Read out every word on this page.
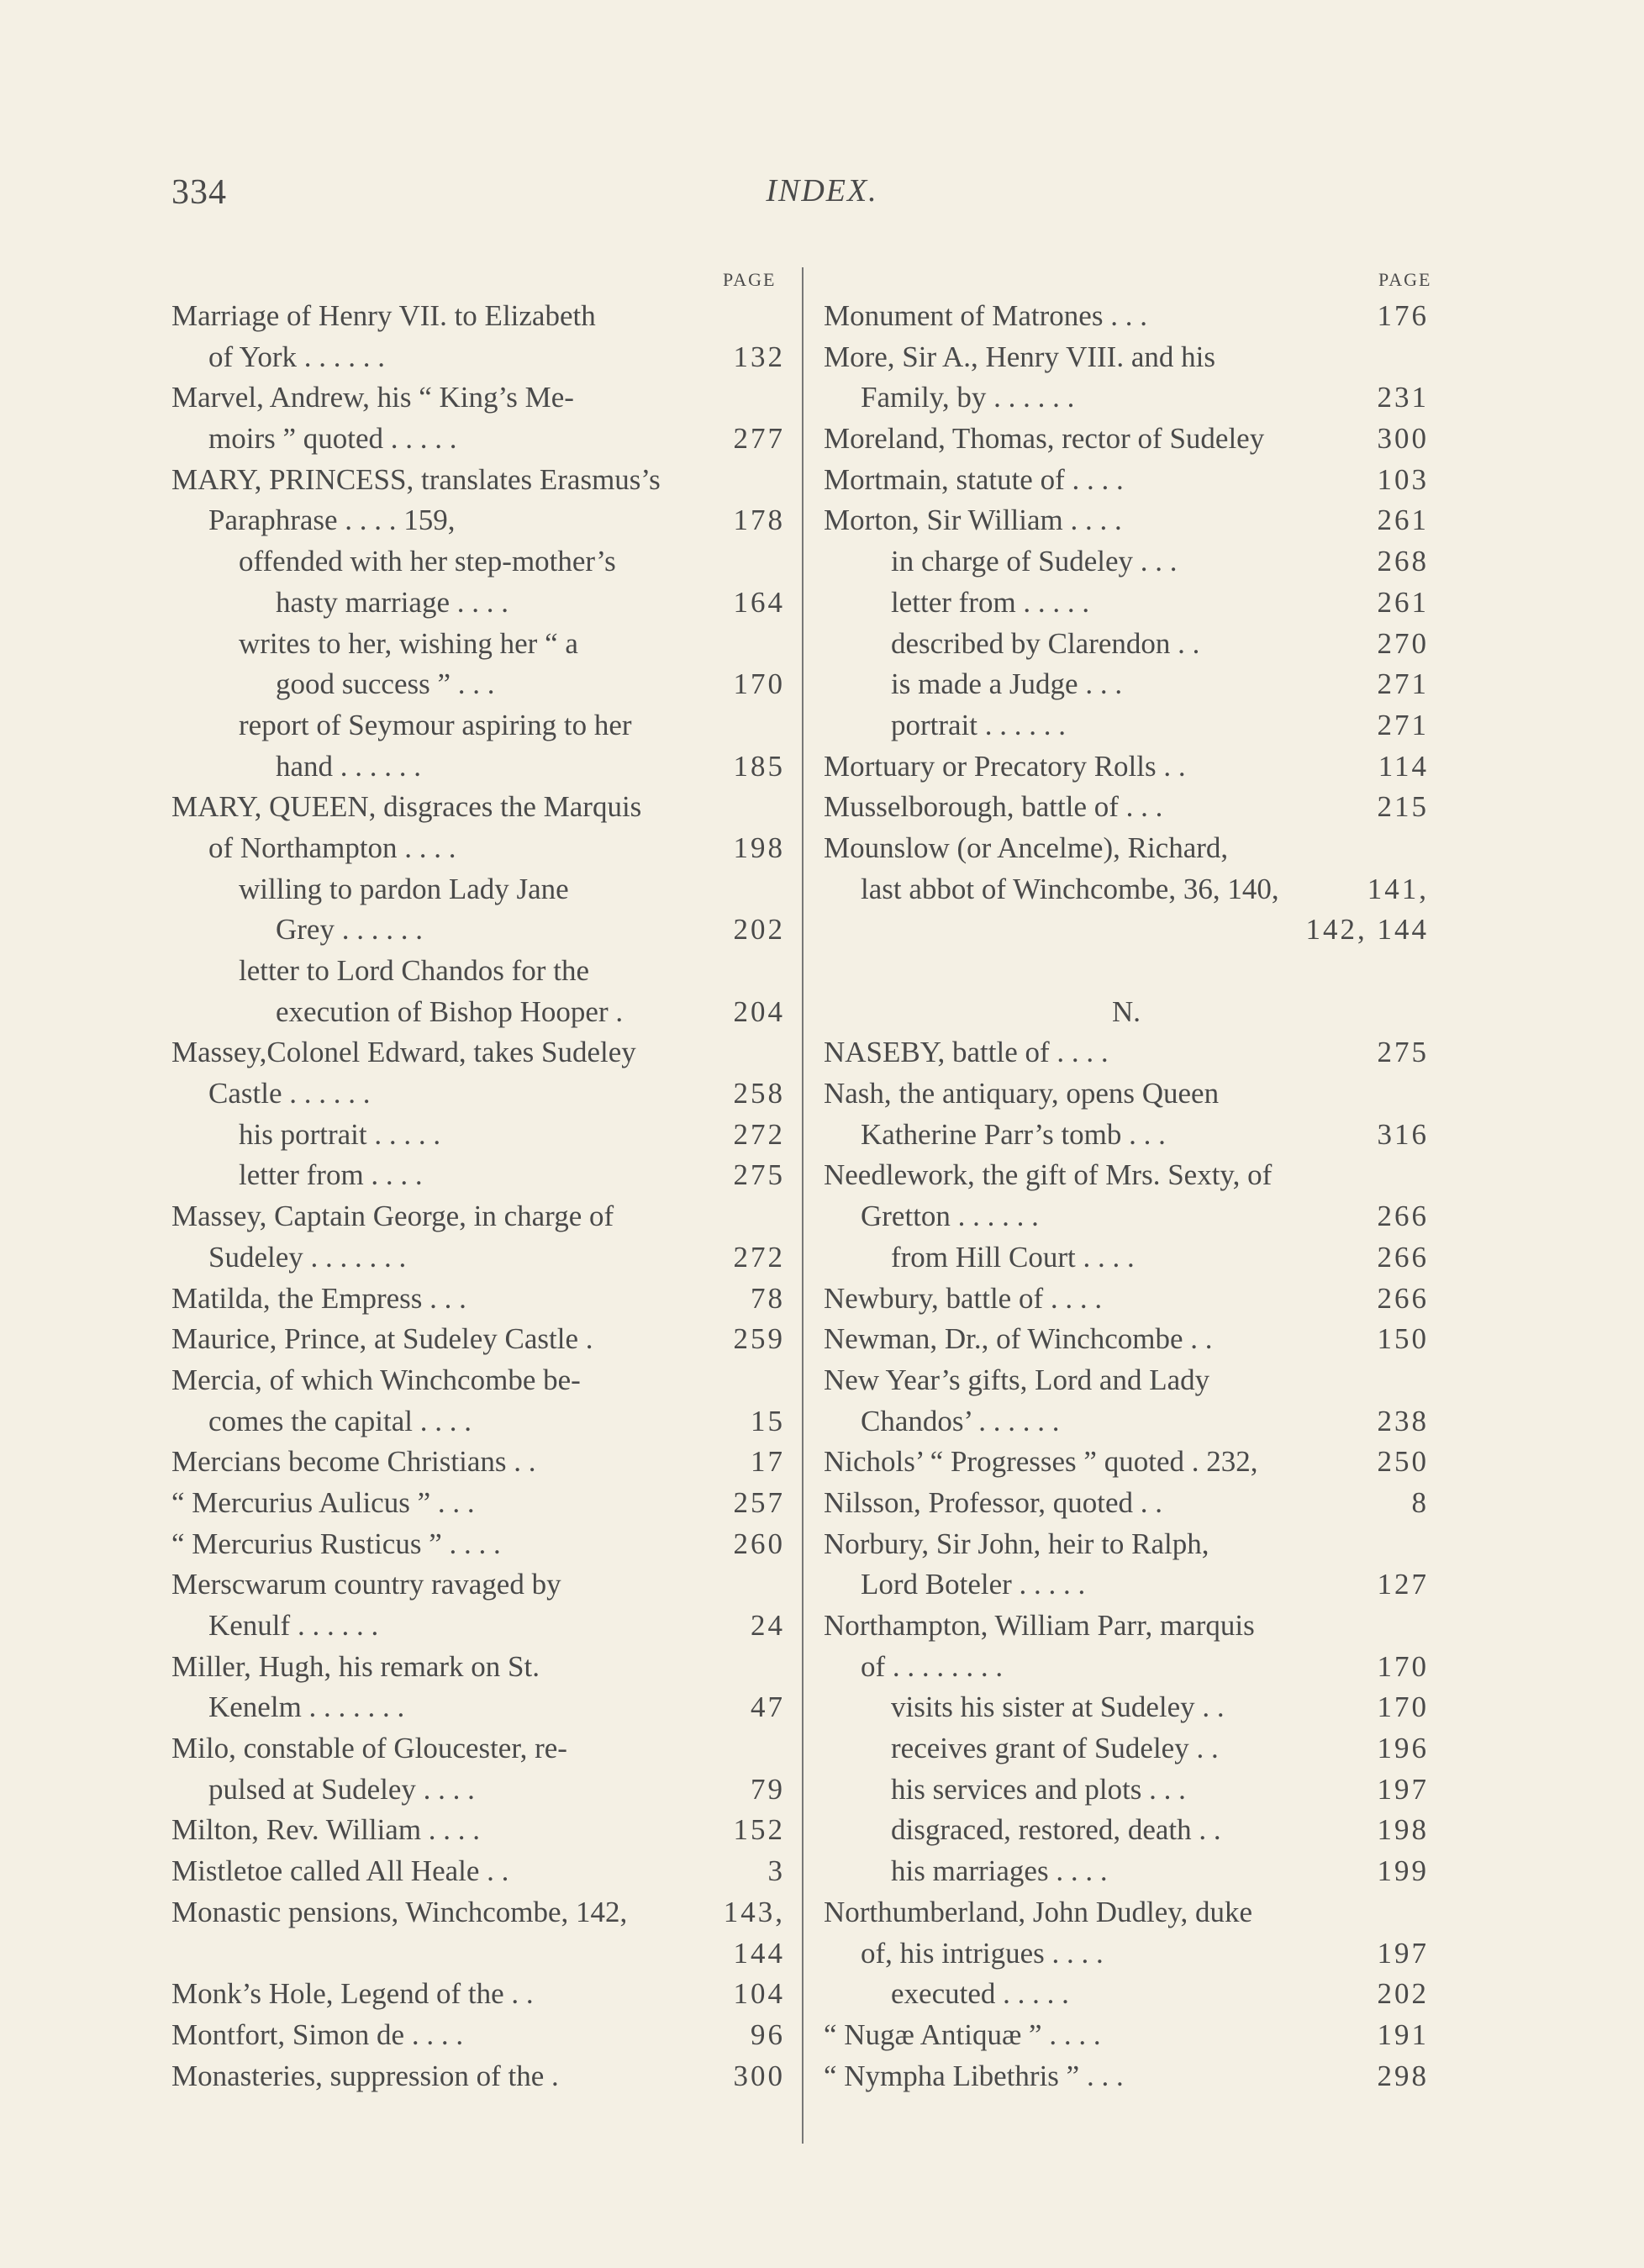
334	INDEX.
PAGE	PAGE
Marriage of Henry VII. to Elizabeth
of York . . . . . .	132
Marvel, Andrew, his “ King’s Me-
moirs ” quoted . . . . .	277
MARY, PRINCESS, translates Erasmus’s
Paraphrase . . . . 159,	178
offended with her step-mother’s
hasty marriage . . . .	164
writes to her, wishing her “ a
good success ” . . .	170
report of Seymour aspiring to her
hand . . . . . .	185
MARY, QUEEN, disgraces the Marquis
of Northampton . . . .	198
willing to pardon Lady Jane
Grey . . . . . .	202
letter to Lord Chandos for the
execution of Bishop Hooper .	204
Massey,Colonel Edward, takes Sudeley
Castle . . . . . .	258
his portrait . . . . .	272
letter from . . . .	275
Massey, Captain George, in charge of
Sudeley . . . . . . .	272
Matilda, the Empress . . .	78
Maurice, Prince, at Sudeley Castle .	259
Mercia, of which Winchcombe be-
comes the capital . . . .	15
Mercians become Christians . .	17
“ Mercurius Aulicus ” . . .	257
“ Mercurius Rusticus ” . . . .	260
Merscwarum country ravaged by
Kenulf . . . . . .	24
Miller, Hugh, his remark on St.
Kenelm . . . . . . .	47
Milo, constable of Gloucester, re-
pulsed at Sudeley . . . .	79
Milton, Rev. William . . . .	152
Mistletoe called All Heale . .	3
Monastic pensions, Winchcombe, 142,	143,
144
Monk’s Hole, Legend of the . .	104
Montfort, Simon de . . . .	96
Monasteries, suppression of the .	300
Monument of Matrones . . .	176
More, Sir A., Henry VIII. and his
Family, by . . . . . .	231
Moreland, Thomas, rector of Sudeley	300
Mortmain, statute of . . . .	103
Morton, Sir William . . . .	261
in charge of Sudeley . . .	268
letter from . . . . .	261
described by Clarendon . .	270
is made a Judge . . .	271
portrait . . . . . .	271
Mortuary or Precatory Rolls . .	114
Musselborough, battle of . . .	215
Mounslow (or Ancelme), Richard,
last abbot of Winchcombe, 36, 140,	141,
142, 144
N.
NASEBY, battle of . . . .	275
Nash, the antiquary, opens Queen
Katherine Parr’s tomb . . .	316
Needlework, the gift of Mrs. Sexty, of
Gretton . . . . . .	266
from Hill Court . . . .	266
Newbury, battle of . . . .	266
Newman, Dr., of Winchcombe . .	150
New Year’s gifts, Lord and Lady
Chandos’ . . . . . .	238
Nichols’ “ Progresses ” quoted . 232,	250
Nilsson, Professor, quoted . .	8
Norbury, Sir John, heir to Ralph,
Lord Boteler . . . . .	127
Northampton, William Parr, marquis
of . . . . . . . .	170
visits his sister at Sudeley . .	170
receives grant of Sudeley . .	196
his services and plots . . .	197
disgraced, restored, death . .	198
his marriages . . . .	199
Northumberland, John Dudley, duke
of, his intrigues . . . .	197
executed . . . . .	202
“ Nugæ Antiquæ ” . . . .	191
“ Nympha Libethris ” . . .	298
